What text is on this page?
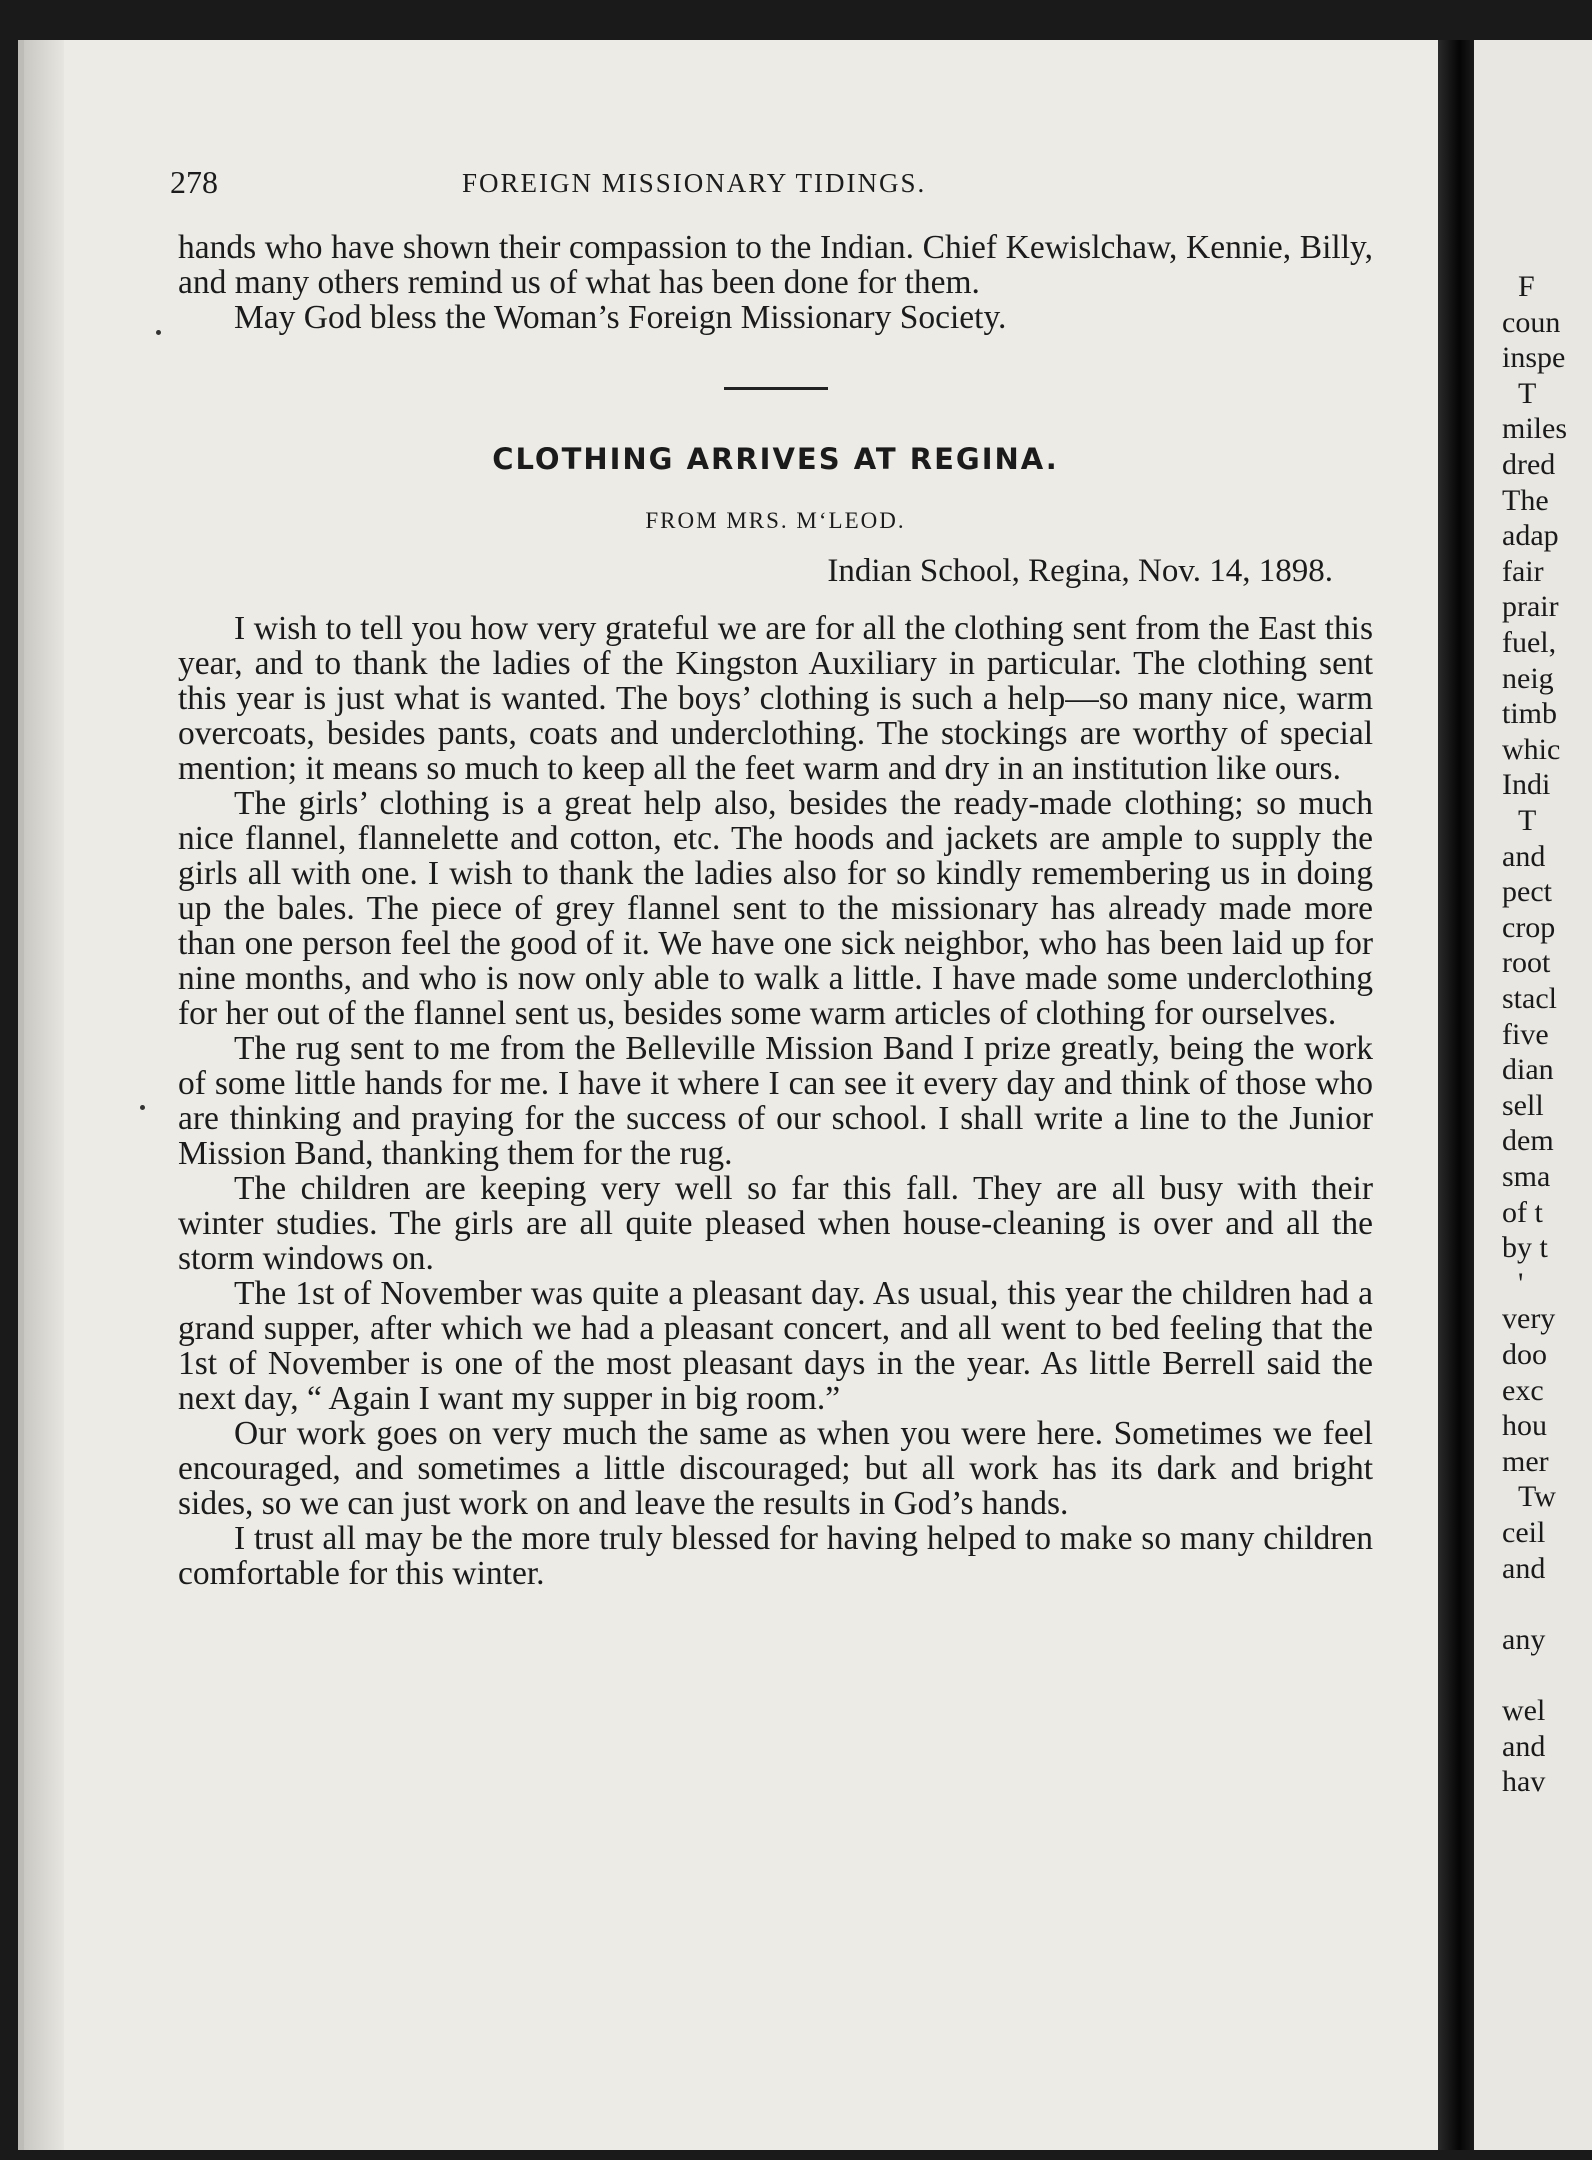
F
coun
inspe
T
miles
dred
The
adap
fair
prair
fuel,
neig
timb
whic
Indi
T
and
pect
crop
root
stacl
five
dian
sell
dem
sma
of t
by t
'
very
doo
exc
hou
mer
Tw
ceil
and
any
wel
and
hav
278	FOREIGN MISSIONARY TIDINGS.

hands who have shown their compassion to the Indian. Chief Kewislchaw, Kennie, Billy, and many others remind us of what has been done for them.

May God bless the Woman’s Foreign Missionary Society.

CLOTHING ARRIVES AT REGINA.
FROM MRS. M‘LEOD.
Indian School, Regina, Nov. 14, 1898.

I wish to tell you how very grateful we are for all the clothing sent from the East this year, and to thank the ladies of the Kingston Auxiliary in particular. The clothing sent this year is just what is wanted. The boys’ clothing is such a help—so many nice, warm overcoats, besides pants, coats and underclothing. The stockings are worthy of special mention; it means so much to keep all the feet warm and dry in an institution like ours.

The girls’ clothing is a great help also, besides the ready-made clothing; so much nice flannel, flannelette and cotton, etc. The hoods and jackets are ample to supply the girls all with one. I wish to thank the ladies also for so kindly remembering us in doing up the bales. The piece of grey flannel sent to the missionary has already made more than one person feel the good of it. We have one sick neighbor, who has been laid up for nine months, and who is now only able to walk a little. I have made some underclothing for her out of the flannel sent us, besides some warm articles of clothing for ourselves.

The rug sent to me from the Belleville Mission Band I prize greatly, being the work of some little hands for me. I have it where I can see it every day and think of those who are thinking and praying for the success of our school. I shall write a line to the Junior Mission Band, thanking them for the rug.

The children are keeping very well so far this fall. They are all busy with their winter studies. The girls are all quite pleased when house-cleaning is over and all the storm windows on.

The 1st of November was quite a pleasant day. As usual, this year the children had a grand supper, after which we had a pleasant concert, and all went to bed feeling that the 1st of November is one of the most pleasant days in the year. As little Berrell said the next day, “ Again I want my supper in big room.”

Our work goes on very much the same as when you were here. Sometimes we feel encouraged, and sometimes a little discouraged; but all work has its dark and bright sides, so we can just work on and leave the results in God’s hands.

I trust all may be the more truly blessed for having helped to make so many children comfortable for this winter.
